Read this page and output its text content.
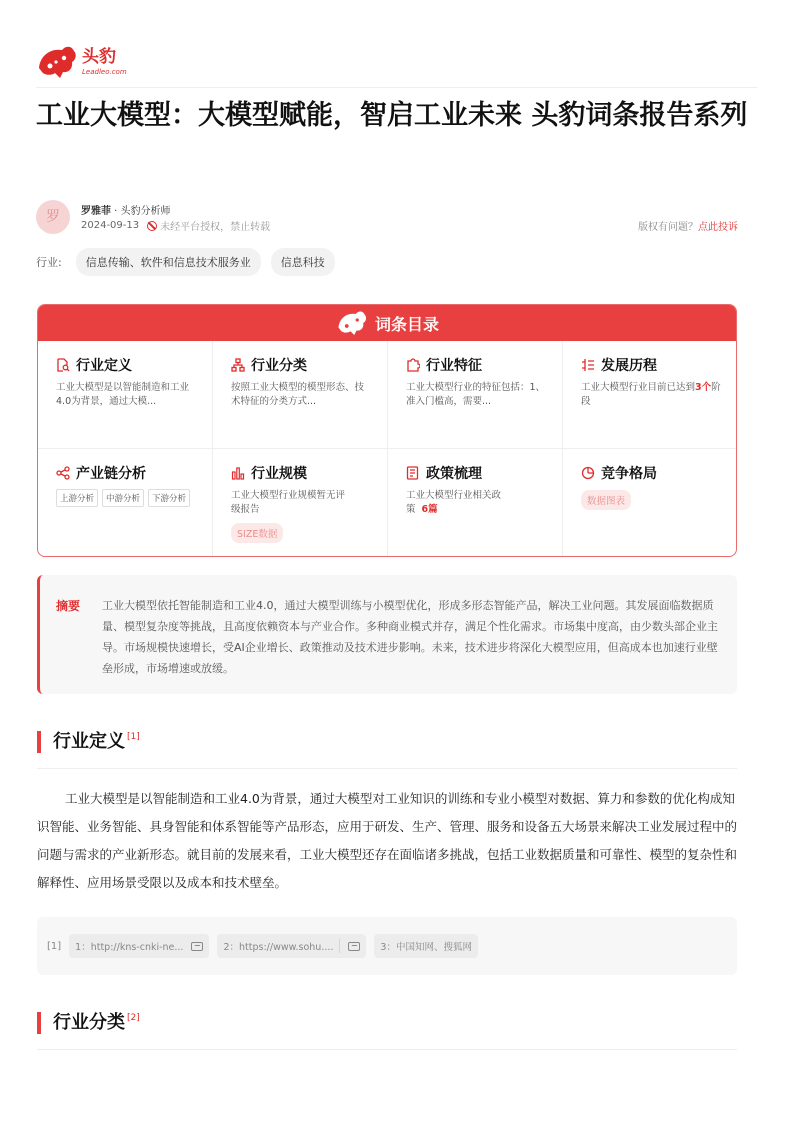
头豹
Leadleo.com
工业大模型：大模型赋能，智启工业未来 头豹词条报告系列
罗	罗雅菲 · 头豹分析师
2024-09-13 未经平台授权，禁止转载	版权有问题？点此投诉
行业:	信息传输、软件和信息技术服务业	信息科技
词条目录
行业定义
工业大模型是以智能制造和工业4.0为背景，通过大模...
行业分类
按照工业大模型的模型形态、技术特征的分类方式...
行业特征
工业大模型行业的特征包括：1、准入门槛高，需要...
发展历程
工业大模型行业目前已达到3个阶段
产业链分析
上游分析	中游分析	下游分析
行业规模
工业大模型行业规模暂无评级报告
SIZE数据
政策梳理
工业大模型行业相关政策 6篇
竞争格局
数据图表
摘要 工业大模型依托智能制造和工业4.0，通过大模型训练与小模型优化，形成多形态智能产品，解决工业问题。其发展面临数据质量、模型复杂度等挑战，且高度依赖资本与产业合作。多种商业模式并存，满足个性化需求。市场集中度高，由少数头部企业主导。市场规模快速增长，受AI企业增长、政策推动及技术进步影响。未来，技术进步将深化大模型应用，但高成本也加速行业壁垒形成，市场增速或放缓。
行业定义 [1]

工业大模型是以智能制造和工业4.0为背景，通过大模型对工业知识的训练和专业小模型对数据、算力和参数的优化构成知识智能、业务智能、具身智能和体系智能等产品形态，应用于研发、生产、管理、服务和设备五大场景来解决工业发展过程中的问题与需求的产业新形态。就目前的发展来看，工业大模型还存在面临诸多挑战，包括工业数据质量和可靠性、模型的复杂性和解释性、应用场景受限以及成本和技术壁垒。

[1] 1：http://kns-cnki-ne...	2：https://www.sohu....	3：中国知网、搜狐网
行业分类 [2]
